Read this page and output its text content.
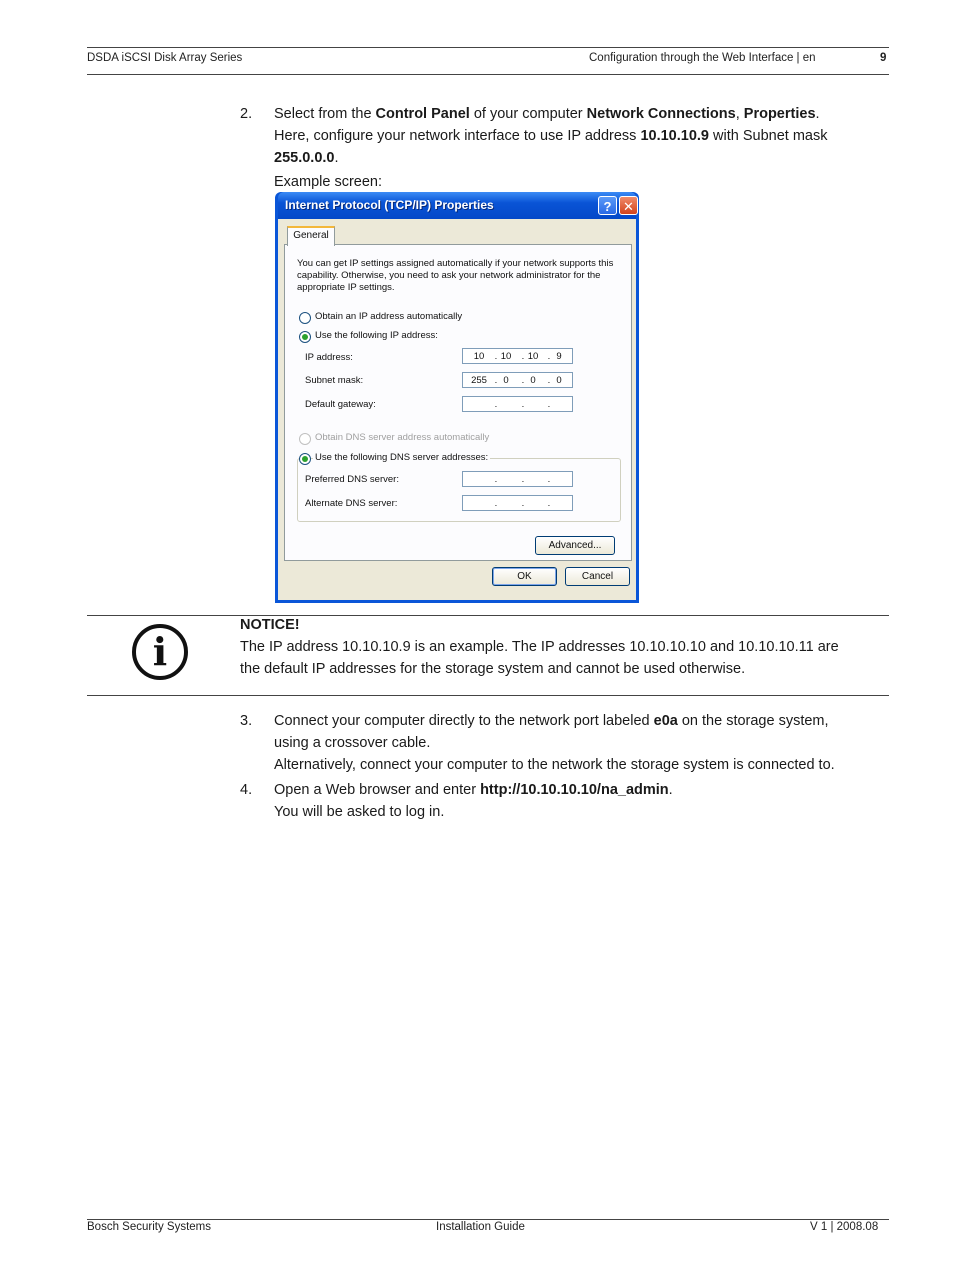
DSDA iSCSI Disk Array Series	Configuration through the Web Interface | en	9
2.	Select from the Control Panel of your computer Network Connections, Properties.
Here, configure your network interface to use IP address 10.10.10.9 with Subnet mask
255.0.0.0.
Example screen:
Internet Protocol (TCP/IP) Properties	? ✕
General
You can get IP settings assigned automatically if your network supports this capability. Otherwise, you need to ask your network administrator for the appropriate IP settings.
Obtain an IP address automatically
Use the following IP address:
IP address:	10	. 10	. 10 . 9
Subnet mask:	255 . 0	. 0	. 0
Default gateway:	.	.	.
Obtain DNS server address automatically
Use the following DNS server addresses:
Preferred DNS server:	.	.	.
Alternate DNS server:	.	.	.
Advanced...
OK	Cancel
i
NOTICE!
The IP address 10.10.10.9 is an example. The IP addresses 10.10.10.10 and 10.10.10.11 are
the default IP addresses for the storage system and cannot be used otherwise.
3.	Connect your computer directly to the network port labeled e0a on the storage system,
using a crossover cable.
Alternatively, connect your computer to the network the storage system is connected to.
4.	Open a Web browser and enter http://10.10.10.10/na_admin.
You will be asked to log in.
Bosch Security Systems	Installation Guide	V 1 | 2008.08
